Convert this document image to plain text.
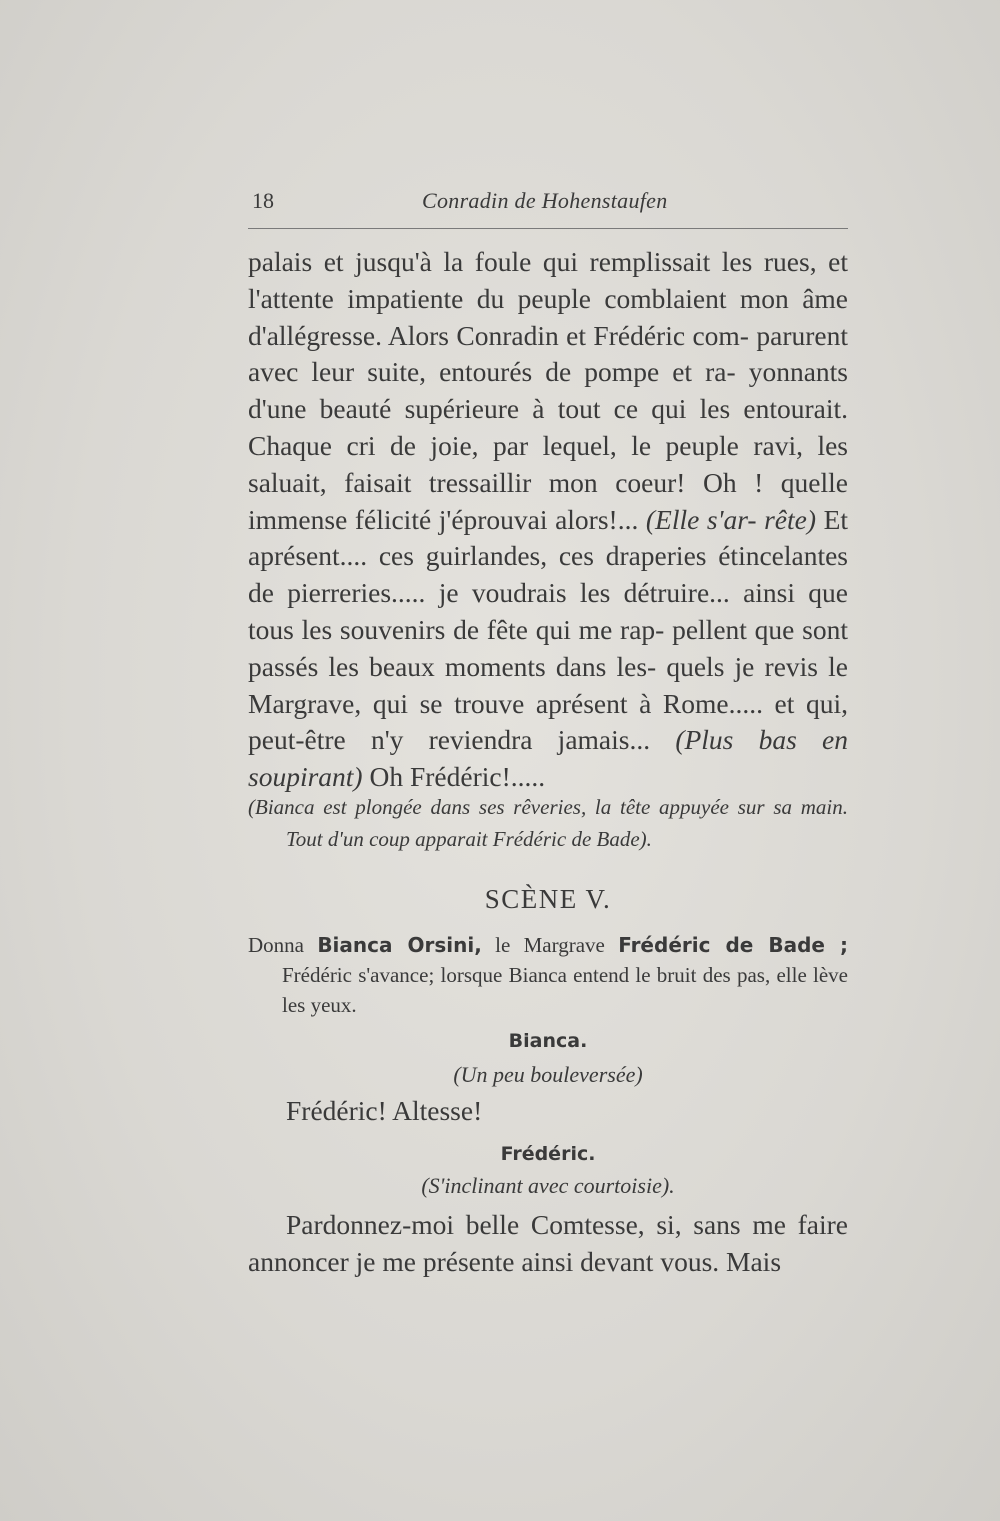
18	Conradin de Hohenstaufen

palais et jusqu'à la foule qui remplissait les rues, et l'attente impatiente du peuple comblaient mon âme d'allégresse. Alors Conradin et Frédéric com- parurent avec leur suite, entourés de pompe et ra- yonnants d'une beauté supérieure à tout ce qui les entourait. Chaque cri de joie, par lequel, le peuple ravi, les saluait, faisait tressaillir mon coeur! Oh ! quelle immense félicité j'éprouvai alors!... (Elle s'ar- rête) Et aprésent.... ces guirlandes, ces draperies étincelantes de pierreries..... je voudrais les détruire... ainsi que tous les souvenirs de fête qui me rap- pellent que sont passés les beaux moments dans les- quels je revis le Margrave, qui se trouve aprésent à Rome..... et qui, peut-être n'y reviendra jamais... (Plus bas en soupirant) Oh Frédéric!.....

(Bianca est plongée dans ses rêveries, la tête appuyée sur sa main. Tout d'un coup apparait Frédéric de Bade).

SCÈNE V.

Donna Bianca Orsini, le Margrave Frédéric de Bade ; Frédéric s'avance; lorsque Bianca entend le bruit des pas, elle lève les yeux.

Bianca.

(Un peu bouleversée)

Frédéric! Altesse!

Frédéric.

(S'inclinant avec courtoisie).

Pardonnez-moi belle Comtesse, si, sans me faire annoncer je me présente ainsi devant vous. Mais
